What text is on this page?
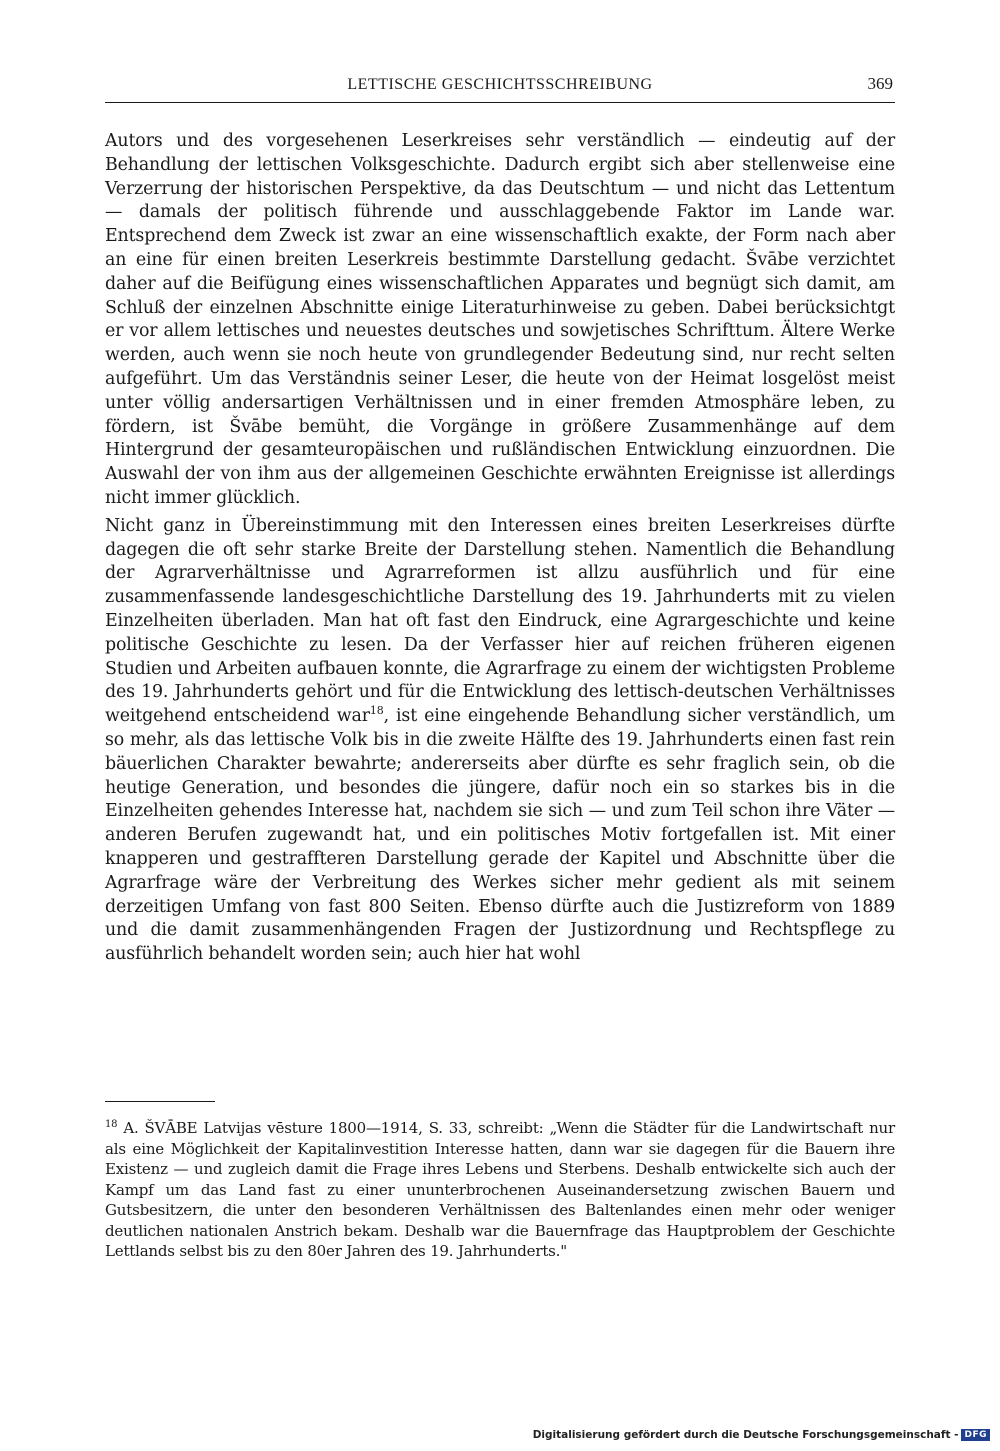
LETTISCHE GESCHICHTSSCHREIBUNG	369

Autors und des vorgesehenen Leserkreises sehr verständlich — eindeutig auf der Behandlung der lettischen Volksgeschichte. Dadurch ergibt sich aber stellenweise eine Verzerrung der historischen Perspektive, da das Deutschtum — und nicht das Lettentum — damals der politisch führende und ausschlaggebende Faktor im Lande war. Entsprechend dem Zweck ist zwar an eine wissenschaftlich exakte, der Form nach aber an eine für einen breiten Leserkreis bestimmte Darstellung gedacht. Švābe verzichtet daher auf die Beifügung eines wissenschaftlichen Apparates und begnügt sich damit, am Schluß der einzelnen Abschnitte einige Literaturhinweise zu geben. Dabei berücksichtgt er vor allem lettisches und neuestes deutsches und sowjetisches Schrifttum. Ältere Werke werden, auch wenn sie noch heute von grundlegender Bedeutung sind, nur recht selten aufgeführt. Um das Verständnis seiner Leser, die heute von der Heimat losgelöst meist unter völlig andersartigen Verhältnissen und in einer fremden Atmosphäre leben, zu fördern, ist Švābe bemüht, die Vorgänge in größere Zusammenhänge auf dem Hintergrund der gesamteuropäischen und rußländischen Entwicklung einzuordnen. Die Auswahl der von ihm aus der allgemeinen Geschichte erwähnten Ereignisse ist allerdings nicht immer glücklich.

Nicht ganz in Übereinstimmung mit den Interessen eines breiten Leserkreises dürfte dagegen die oft sehr starke Breite der Darstellung stehen. Namentlich die Behandlung der Agrarverhältnisse und Agrarreformen ist allzu ausführlich und für eine zusammenfassende landesgeschichtliche Darstellung des 19. Jahrhunderts mit zu vielen Einzelheiten überladen. Man hat oft fast den Eindruck, eine Agrargeschichte und keine politische Geschichte zu lesen. Da der Verfasser hier auf reichen früheren eigenen Studien und Arbeiten aufbauen konnte, die Agrarfrage zu einem der wichtigsten Probleme des 19. Jahrhunderts gehört und für die Entwicklung des lettisch-deutschen Verhältnisses weitgehend entscheidend war$^{18}$, ist eine eingehende Behandlung sicher verständlich, um so mehr, als das lettische Volk bis in die zweite Hälfte des 19. Jahrhunderts einen fast rein bäuerlichen Charakter bewahrte; andererseits aber dürfte es sehr fraglich sein, ob die heutige Generation, und besondes die jüngere, dafür noch ein so starkes bis in die Einzelheiten gehendes Interesse hat, nachdem sie sich — und zum Teil schon ihre Väter — anderen Berufen zugewandt hat, und ein politisches Motiv fortgefallen ist. Mit einer knapperen und gestraffteren Darstellung gerade der Kapitel und Abschnitte über die Agrarfrage wäre der Verbreitung des Werkes sicher mehr gedient als mit seinem derzeitigen Umfang von fast 800 Seiten. Ebenso dürfte auch die Justizreform von 1889 und die damit zusammenhängenden Fragen der Justizordnung und Rechtspflege zu ausführlich behandelt worden sein; auch hier hat wohl

$^{18}$ A. ŠVĀBE Latvijas vēsture 1800—1914, S. 33, schreibt: „Wenn die Städter für die Landwirtschaft nur als eine Möglichkeit der Kapitalinvestition Interesse hatten, dann war sie dagegen für die Bauern ihre Existenz — und zugleich damit die Frage ihres Lebens und Sterbens. Deshalb entwickelte sich auch der Kampf um das Land fast zu einer ununterbrochenen Auseinandersetzung zwischen Bauern und Gutsbesitzern, die unter den besonderen Verhältnissen des Baltenlandes einen mehr oder weniger deutlichen nationalen Anstrich bekam. Deshalb war die Bauernfrage das Hauptproblem der Geschichte Lettlands selbst bis zu den 80er Jahren des 19. Jahrhunderts."

Digitalisierung gefördert durch die Deutsche Forschungsgemeinschaft - DFG
